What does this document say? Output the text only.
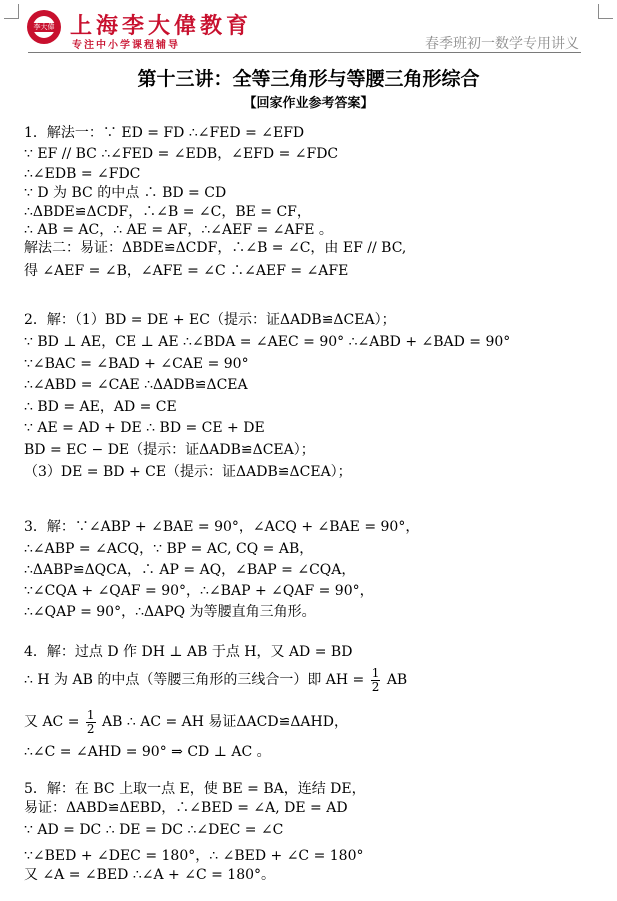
李大偉 上海李大偉教育
专注中小学课程辅导	春季班初一数学专用讲义
第十三讲：全等三角形与等腰三角形综合
【回家作业参考答案】
1．解法一：∵ ED = FD ∴∠FED = ∠EFD
∵ EF // BC ∴∠FED = ∠EDB，∠EFD = ∠FDC
∴∠EDB = ∠FDC
∵ D 为 BC 的中点 ∴ BD = CD
∴ΔBDE≌ΔCDF，∴∠B = ∠C，BE = CF，
∴ AB = AC，∴ AE = AF，∴∠AEF = ∠AFE 。
解法二：易证：ΔBDE≌ΔCDF，∴∠B = ∠C，由 EF // BC,
得 ∠AEF = ∠B，∠AFE = ∠C ∴∠AEF = ∠AFE
2．解：（1）BD = DE + EC（提示：证ΔADB≌ΔCEA）；
∵ BD ⊥ AE，CE ⊥ AE ∴∠BDA = ∠AEC = 90° ∴∠ABD + ∠BAD = 90°
∵∠BAC = ∠BAD + ∠CAE = 90°
∴∠ABD = ∠CAE ∴ΔADB≌ΔCEA
∴ BD = AE，AD = CE
∵ AE = AD + DE ∴ BD = CE + DE
BD = EC − DE（提示：证ΔADB≌ΔCEA）；
（3）DE = BD + CE（提示：证ΔADB≌ΔCEA）；
3．解：∵∠ABP + ∠BAE = 90°，∠ACQ + ∠BAE = 90°，
∴∠ABP = ∠ACQ，∵ BP = AC, CQ = AB，
∴ΔABP≌ΔQCA，∴ AP = AQ，∠BAP = ∠CQA，
∵∠CQA + ∠QAF = 90°，∴∠BAP + ∠QAF = 90°，
∴∠QAP = 90°，∴ΔAPQ 为等腰直角三角形。
4．解：过点 D 作 DH ⊥ AB 于点 H，又 AD = BD
∴ H 为 AB 的中点（等腰三角形的三线合一）即 AH = $\frac{1}{2}$ AB
又 AC = $\frac{1}{2}$ AB ∴ AC = AH 易证ΔACD≌ΔAHD，
∴∠C = ∠AHD = 90° ⇒ CD ⊥ AC 。
5．解：在 BC 上取一点 E，使 BE = BA，连结 DE，
易证：ΔABD≌ΔEBD，∴∠BED = ∠A, DE = AD
∵ AD = DC ∴ DE = DC ∴∠DEC = ∠C
∵∠BED + ∠DEC = 180°，∴ ∠BED + ∠C = 180°
又 ∠A = ∠BED ∴∠A + ∠C = 180°。
